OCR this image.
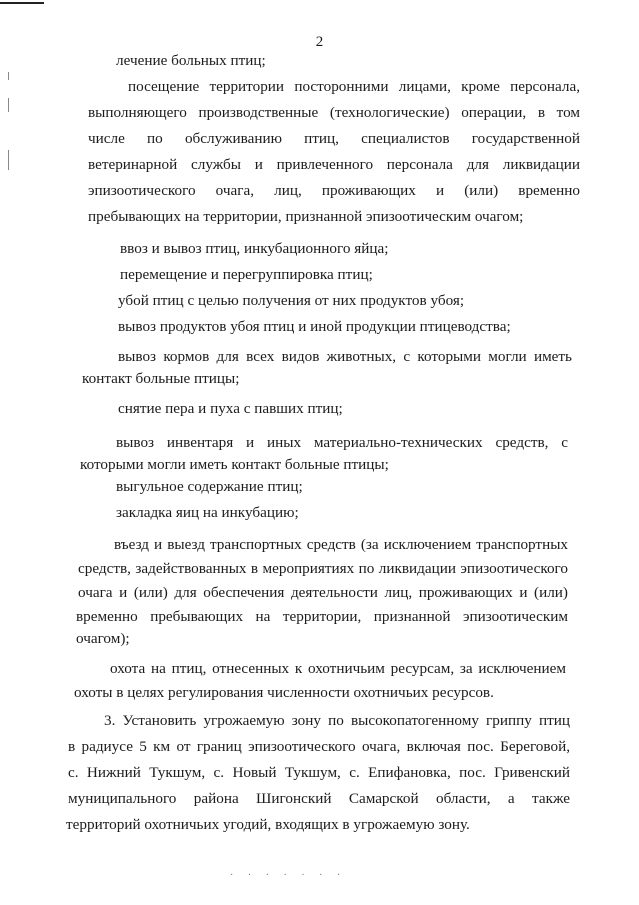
2
лечение больных птиц;
посещение территории посторонними лицами, кроме персонала,
выполняющего производственные (технологические) операции, в том
числе по обслуживанию птиц, специалистов государственной
ветеринарной службы и привлеченного персонала для ликвидации
эпизоотического очага, лиц, проживающих и (или) временно
пребывающих на территории, признанной эпизоотическим очагом;
ввоз и вывоз птиц, инкубационного яйца;
перемещение и перегруппировка птиц;
убой птиц с целью получения от них продуктов убоя;
вывоз продуктов убоя птиц и иной продукции птицеводства;
вывоз кормов для всех видов животных, с которыми могли иметь
контакт больные птицы;
снятие пера и пуха с павших птиц;
вывоз инвентаря и иных материально-технических средств, с
которыми могли иметь контакт больные птицы;
выгульное содержание птиц;
закладка яиц на инкубацию;
въезд и выезд транспортных средств (за исключением транспортных
средств, задействованных в мероприятиях по ликвидации эпизоотического
очага и (или) для обеспечения деятельности лиц, проживающих и (или)
временно пребывающих на территории, признанной эпизоотическим
очагом);
охота на птиц, отнесенных к охотничьим ресурсам, за исключением
охоты в целях регулирования численности охотничьих ресурсов.
3. Установить угрожаемую зону по высокопатогенному гриппу птиц
в радиусе 5 км от границ эпизоотического очага, включая пос. Береговой,
с. Нижний Тукшум, с. Новый Тукшум, с. Епифановка, пос. Гривенский
муниципального района Шигонский Самарской области, а также
территорий охотничьих угодий, входящих в угрожаемую зону.
· · · · · · ·
